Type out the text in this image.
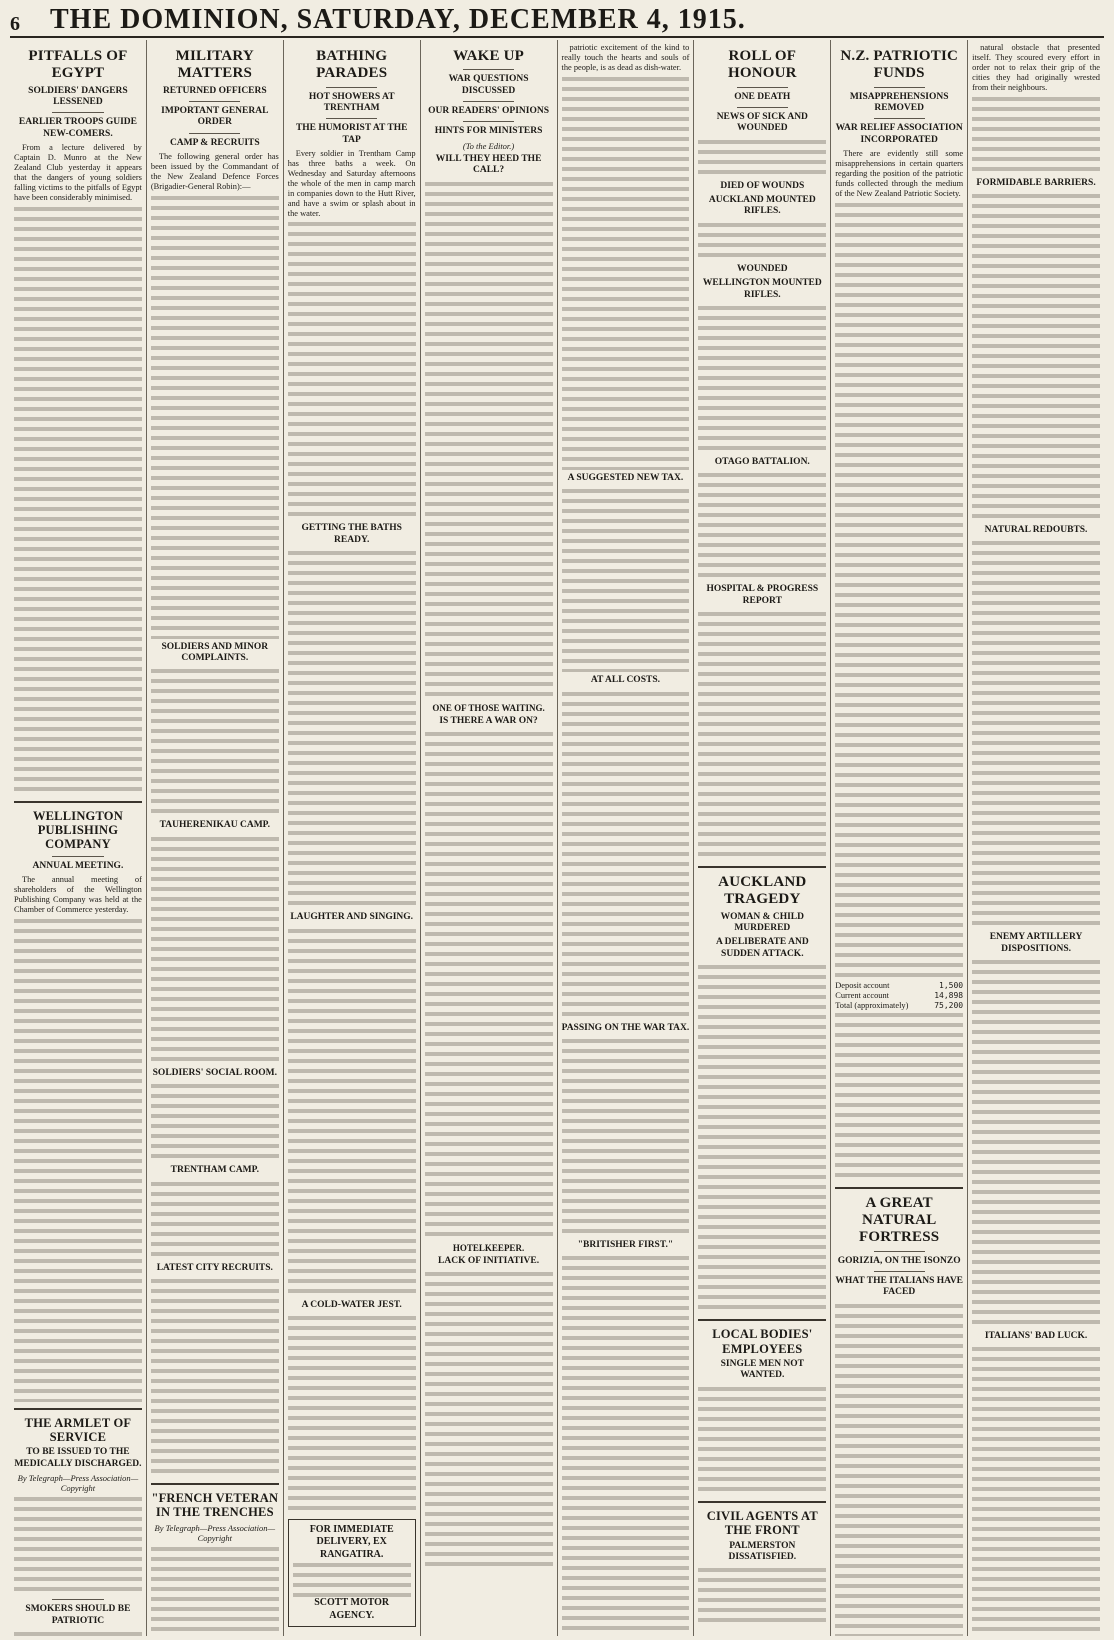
6	THE DOMINION, SATURDAY, DECEMBER 4, 1915.
PITFALLS OF EGYPT
SOLDIERS' DANGERS LESSENED
EARLIER TROOPS GUIDE NEW-COMERS.

From a lecture delivered by Captain D. Munro at the New Zealand Club yesterday it appears that the dangers of young soldiers falling victims to the pitfalls of Egypt have been considerably minimised.

WELLINGTON PUBLISHING COMPANY
ANNUAL MEETING.

The annual meeting of shareholders of the Wellington Publishing Company was held at the Chamber of Commerce yesterday.

THE ARMLET OF SERVICE
TO BE ISSUED TO THE MEDICALLY DISCHARGED.
By Telegraph—Press Association—Copyright
SMOKERS SHOULD BE PATRIOTIC
MILITARY MATTERS
RETURNED OFFICERS
IMPORTANT GENERAL ORDER
CAMP & RECRUITS

The following general order has been issued by the Commandant of the New Zealand Defence Forces (Brigadier-General Robin):—

SOLDIERS AND MINOR COMPLAINTS.
TAUHERENIKAU CAMP.
SOLDIERS' SOCIAL ROOM.
TRENTHAM CAMP.
LATEST CITY RECRUITS.
"FRENCH VETERAN IN THE TRENCHES
By Telegraph—Press Association—Copyright
BATHING PARADES
HOT SHOWERS AT TRENTHAM
THE HUMORIST AT THE TAP

Every soldier in Trentham Camp has three baths a week. On Wednesday and Saturday afternoons the whole of the men in camp march in companies down to the Hutt River, and have a swim or splash about in the water.

GETTING THE BATHS READY.
LAUGHTER AND SINGING.
A COLD-WATER JEST.
FOR IMMEDIATE DELIVERY, EX RANGATIRA.
SCOTT MOTOR AGENCY.
WAKE UP
WAR QUESTIONS DISCUSSED
OUR READERS' OPINIONS
HINTS FOR MINISTERS
(To the Editor.)
WILL THEY HEED THE CALL?
ONE OF THOSE WAITING.
IS THERE A WAR ON?
HOTELKEEPER.
LACK OF INITIATIVE.

patriotic excitement of the kind to really touch the hearts and souls of the people, is as dead as dish-water.

A SUGGESTED NEW TAX.
AT ALL COSTS.
PASSING ON THE WAR TAX.
"BRITISHER FIRST."
ROLL OF HONOUR
ONE DEATH
NEWS OF SICK AND WOUNDED
DIED OF WOUNDS
AUCKLAND MOUNTED RIFLES.
WOUNDED
WELLINGTON MOUNTED RIFLES.
OTAGO BATTALION.
HOSPITAL & PROGRESS REPORT
AUCKLAND TRAGEDY
WOMAN & CHILD MURDERED
A DELIBERATE AND SUDDEN ATTACK.
LOCAL BODIES' EMPLOYEES
SINGLE MEN NOT WANTED.
CIVIL AGENTS AT THE FRONT
PALMERSTON DISSATISFIED.
N.Z. PATRIOTIC FUNDS
MISAPPREHENSIONS REMOVED
WAR RELIEF ASSOCIATION INCORPORATED

There are evidently still some misapprehensions in certain quarters regarding the position of the patriotic funds collected through the medium of the New Zealand Patriotic Society.

Deposit account	1,500
Current account	14,898
Total (approximately)	75,200
A GREAT NATURAL FORTRESS
GORIZIA, ON THE ISONZO
WHAT THE ITALIANS HAVE FACED

natural obstacle that presented itself. They scoured every effort in order not to relax their grip of the cities they had originally wrested from their neighbours.

FORMIDABLE BARRIERS.
NATURAL REDOUBTS.
ENEMY ARTILLERY DISPOSITIONS.
ITALIANS' BAD LUCK.
